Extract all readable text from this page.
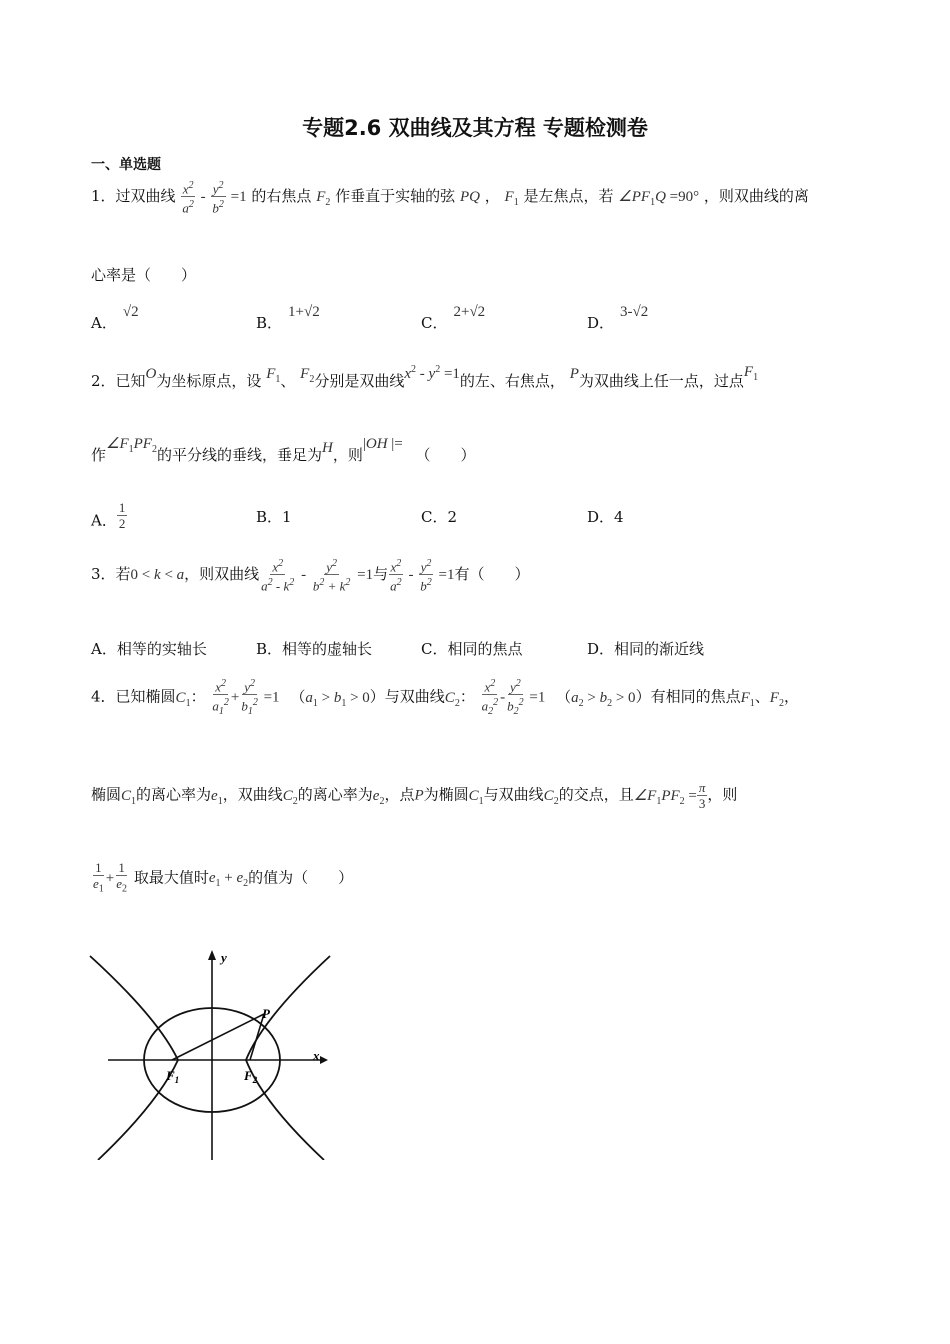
专题2.6 双曲线及其方程 专题检测卷
一、单选题
1．过双曲线 $\frac{x^2}{a^2} - \frac{y^2}{b^2} =1$ 的右焦点 $F_2$ 作垂直于实轴的弦 PQ ， $F_1$ 是左焦点，若 $\angle PF_1Q =90^\circ$ ，则双曲线的离
心率是（　　）
A．√2
B．1+√2
C．2+√2
D．3-√2
2．已知O为坐标原点，设 $F_1$、 $F_2$分别是双曲线$x^2 - y^2 =1$的左、右焦点， P为双曲线上任一点，过点$F_1$
作$\angle F_1PF_2$的平分线的垂线，垂足为H，则|OH |= （　　）
A． $\frac{1}{2}$	B．1	C．2	D．4
3．若0 < k < a，则双曲线 $\frac{x^2}{a^2 - k^2} - \frac{y^2}{b^2 + k^2} =1$与 $\frac{x^2}{a^2} - \frac{y^2}{b^2} =1$有（　　）
A．相等的实轴长	B．相等的虚轴长	C．相同的焦点	D．相同的渐近线
4．已知椭圆$C_1$： $\frac{x^2}{a_1^2} + \frac{y^2}{b_1^2} =1$ $(a_1 > b_1 > 0)$与双曲线$C_2$： $\frac{x^2}{a_2^2} - \frac{y^2}{b_2^2} =1$ $(a_2 > b_2 > 0)$有相同的焦点$F_1$、$F_2$，
椭圆$C_1$的离心率为$e_1$，双曲线$C_2$的离心率为$e_2$，点P为椭圆$C_1$与双曲线$C_2$的交点，且$\angle F_1PF_2 = \frac{\pi}{3}$ ，则
$\frac{1}{e_1} + \frac{1}{e_2}$ 取最大值时$e_1 + e_2$的值为（　　）
y
x
P
$F_1$	$F_2$
